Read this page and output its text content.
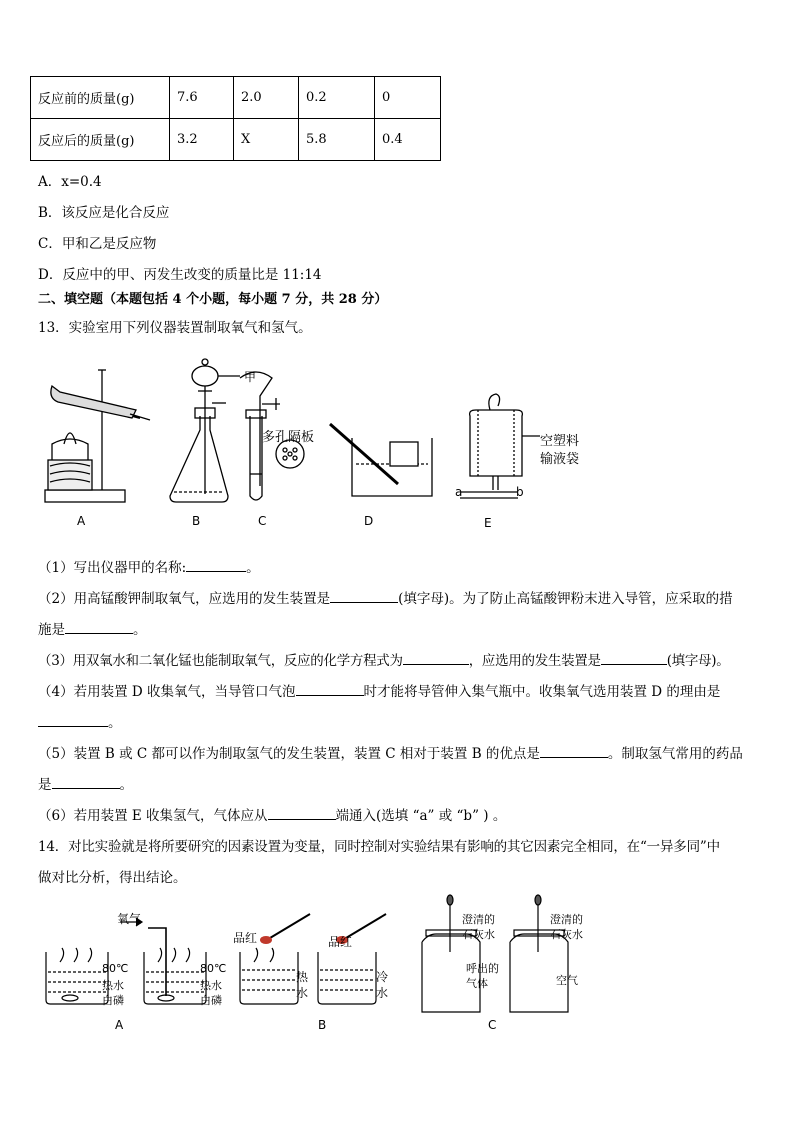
反应前的质量(g)	7.6	2.0	0.2	0
反应后的质量(g)	3.2	X	5.8	0.4
A．x=0.4
B．该反应是化合反应
C．甲和乙是反应物
D．反应中的甲、丙发生改变的质量比是 11:14
二、填空题（本题包括 4 个小题，每小题 7 分，共 28 分）
13．实验室用下列仪器装置制取氧气和氢气。
A	B	C	D	E
甲
多孔隔板	空塑料
输液袋
a	b
（1）写出仪器甲的名称:	。
（2）用高锰酸钾制取氧气，应选用的发生装置是	(填字母)。为了防止高锰酸钾粉末进入导管，应采取的措
施是	。
（3）用双氧水和二氧化锰也能制取氧气，反应的化学方程式为	，应选用的发生装置是	(填字母)。
（4）若用装置 D 收集氧气，当导管口气泡	时才能将导管伸入集气瓶中。收集氧气选用装置 D 的理由是
。
（5）装置 B 或 C 都可以作为制取氢气的发生装置，装置 C 相对于装置 B 的优点是	。制取氢气常用的药品
是	。
（6）若用装置 E 收集氢气，气体应从	端通入(选填 “a” 或 “b” ) 。
14．对比实验就是将所要研究的因素设置为变量，同时控制对实验结果有影响的其它因素完全相同，在“一异多同”中
做对比分析，得出结论。
氧气
80℃
热水
白磷
80℃
热水
白磷
品红	品红
热
水
冷
水
澄清的
石灰水
澄清的
石灰水
呼出的
气体	空气
A	B	C
